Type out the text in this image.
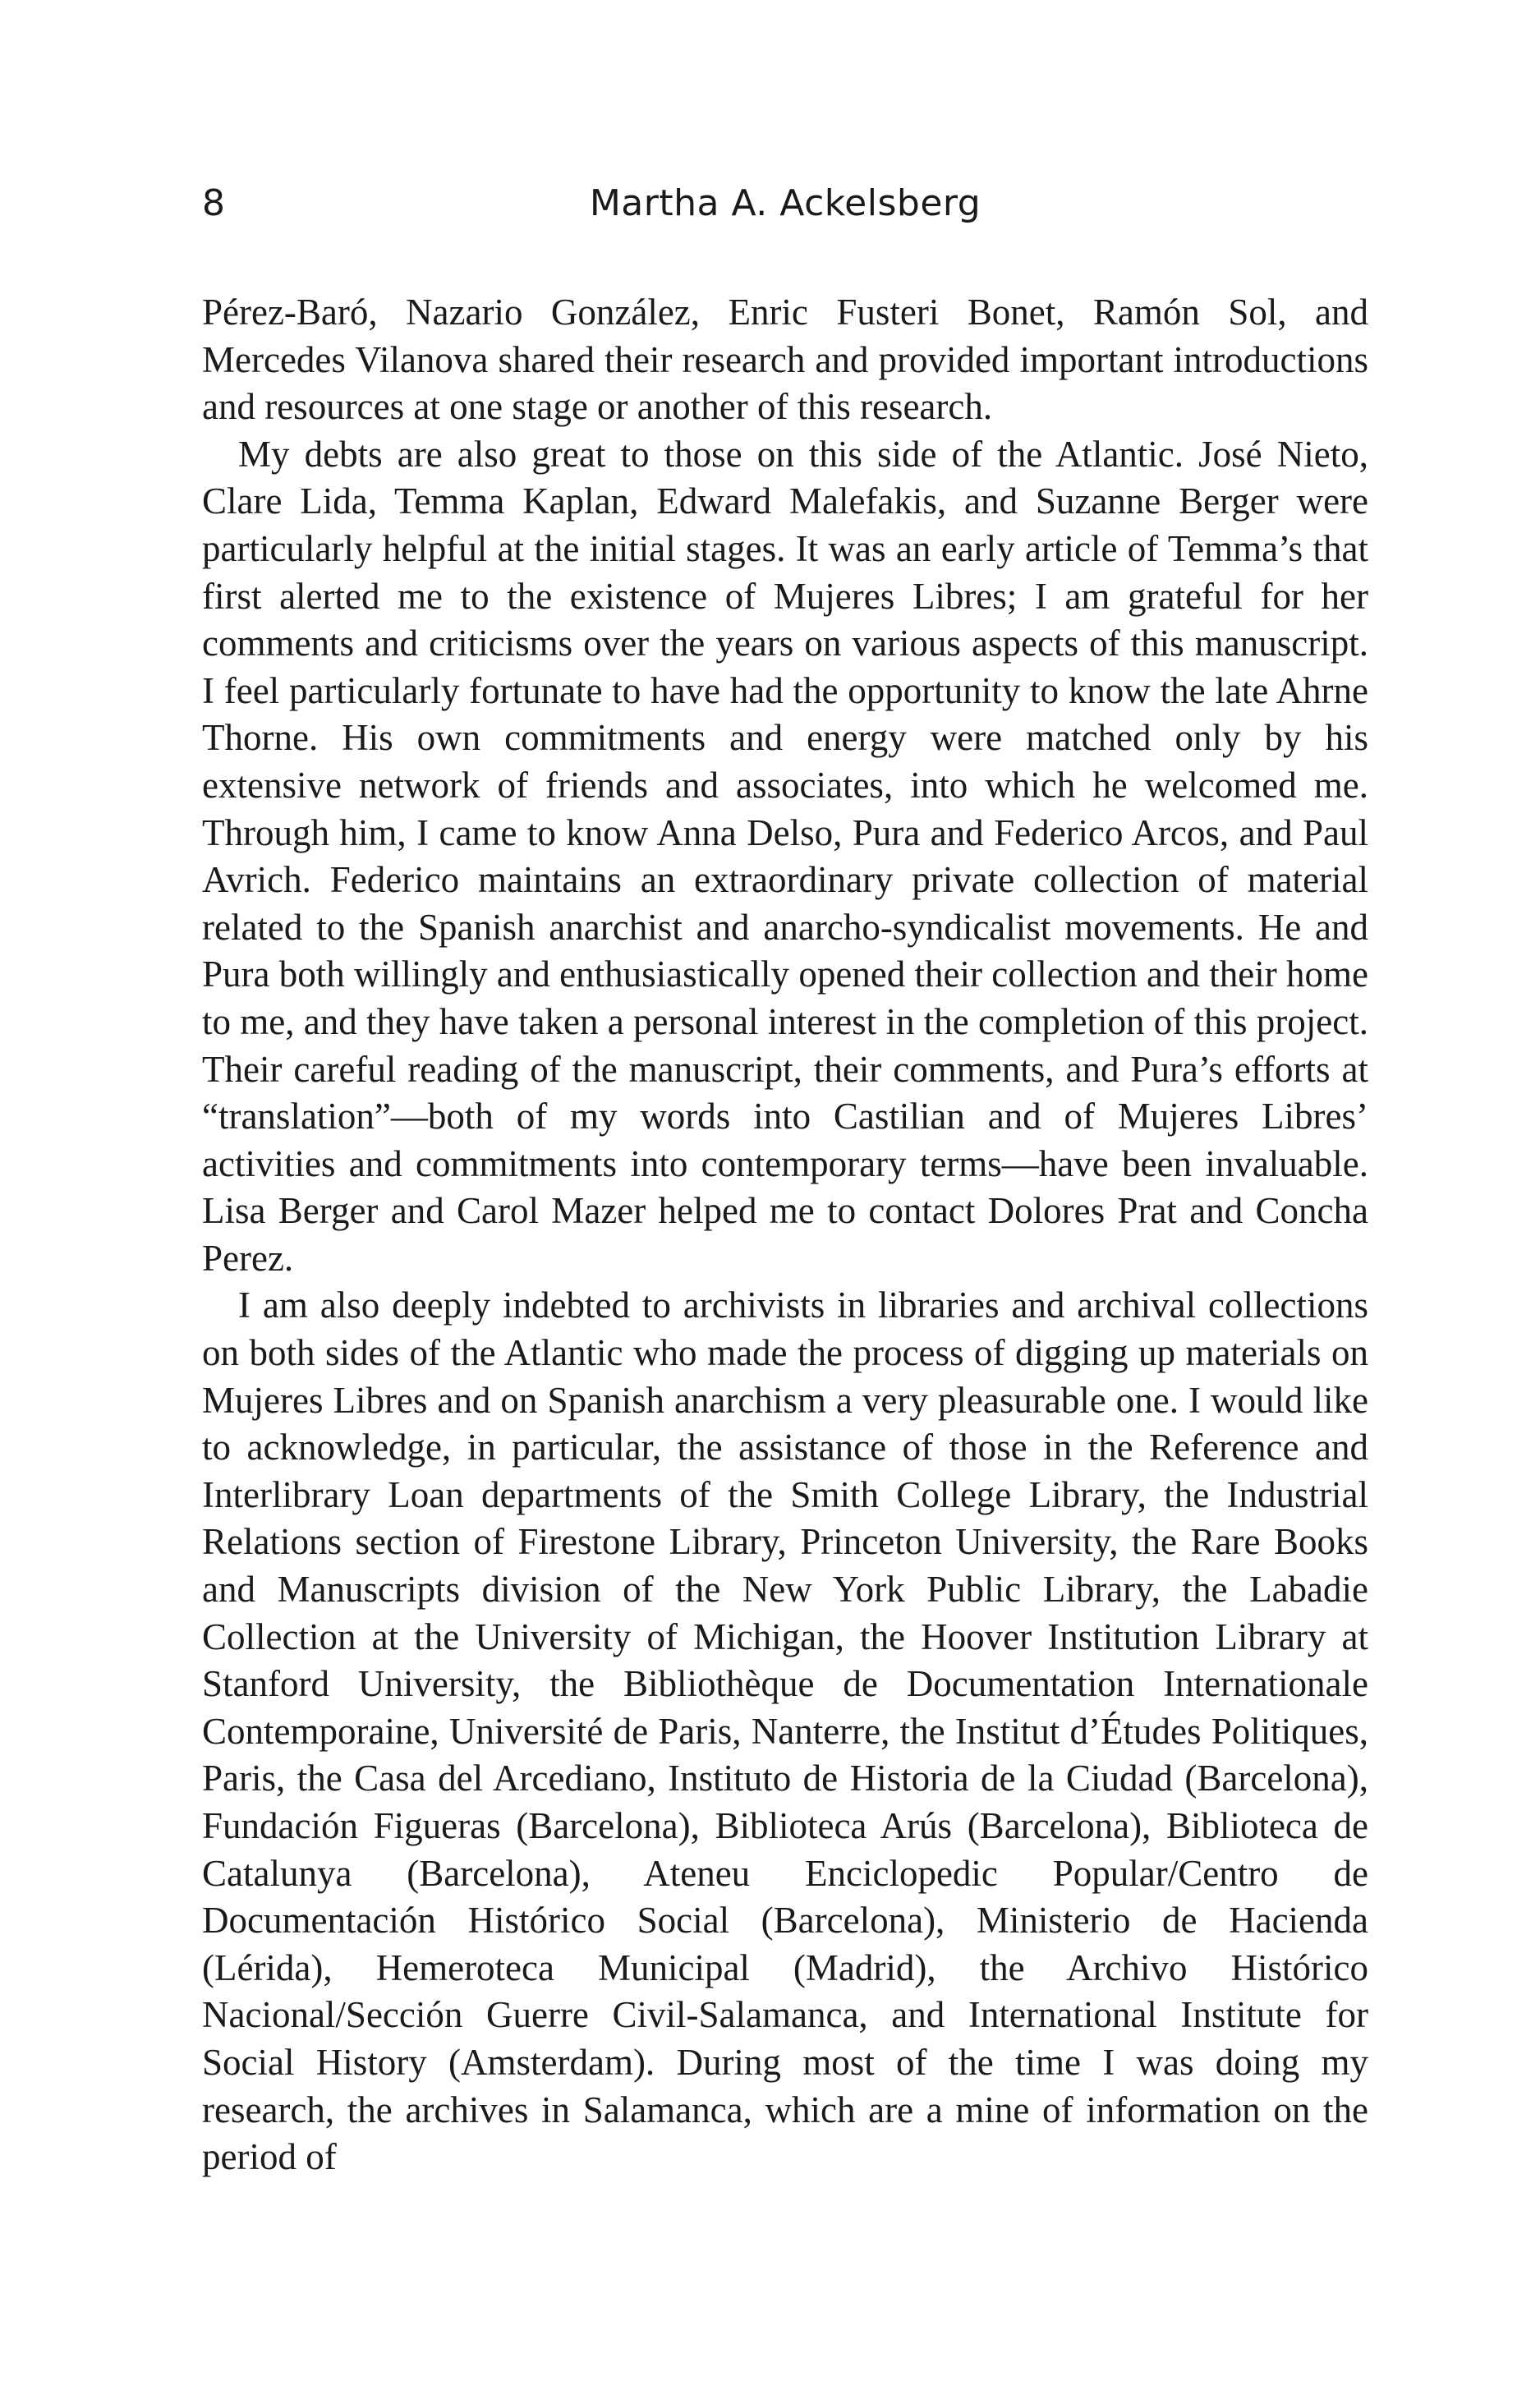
8	Martha A. Ackelsberg

Pérez-Baró, Nazario González, Enric Fusteri Bonet, Ramón Sol, and Mercedes Vilanova shared their research and provided important introductions and resources at one stage or another of this research.

My debts are also great to those on this side of the Atlantic. José Nieto, Clare Lida, Temma Kaplan, Edward Malefakis, and Suzanne Berger were particularly helpful at the initial stages. It was an early article of Temma’s that first alerted me to the existence of Mujeres Libres; I am grateful for her comments and criticisms over the years on various aspects of this manuscript. I feel particularly fortunate to have had the opportunity to know the late Ahrne Thorne. His own commitments and energy were matched only by his extensive network of friends and associates, into which he welcomed me. Through him, I came to know Anna Delso, Pura and Federico Arcos, and Paul Avrich. Federico maintains an extraordinary private collection of material related to the Spanish anarchist and anarcho-syndicalist movements. He and Pura both willingly and enthusiastically opened their collection and their home to me, and they have taken a personal interest in the completion of this project. Their careful reading of the manuscript, their comments, and Pura’s efforts at “translation”—both of my words into Castilian and of Mujeres Libres’ activities and commitments into contemporary terms—have been invaluable. Lisa Berger and Carol Mazer helped me to contact Dolores Prat and Concha Perez.

I am also deeply indebted to archivists in libraries and archival collections on both sides of the Atlantic who made the process of digging up materials on Mujeres Libres and on Spanish anarchism a very pleasurable one. I would like to acknowledge, in particular, the assistance of those in the Reference and Interlibrary Loan departments of the Smith College Library, the Industrial Relations section of Firestone Library, Princeton University, the Rare Books and Manuscripts division of the New York Public Library, the Labadie Collection at the University of Michigan, the Hoover Institution Library at Stanford University, the Bibliothèque de Documentation Internationale Contemporaine, Université de Paris, Nanterre, the Institut d’Études Politiques, Paris, the Casa del Arcediano, Instituto de Historia de la Ciudad (Barcelona), Fundación Figueras (Barcelona), Biblioteca Arús (Barcelona), Biblioteca de Catalunya (Barcelona), Ateneu Enciclopedic Popular/Centro de Documentación Histórico Social (Barcelona), Ministerio de Hacienda (Lérida), Hemeroteca Municipal (Madrid), the Archivo Histórico Nacional/Sección Guerre Civil-Salamanca, and International Institute for Social History (Amsterdam). During most of the time I was doing my research, the archives in Salamanca, which are a mine of information on the period of
